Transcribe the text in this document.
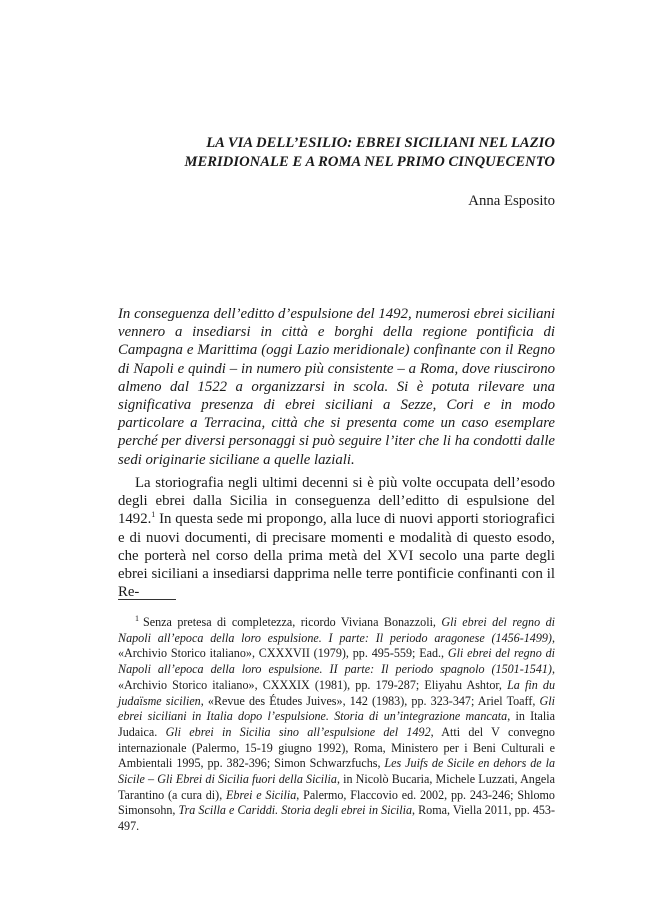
LA VIA DELL’ESILIO: EBREI SICILIANI NEL LAZIO
MERIDIONALE E A ROMA NEL PRIMO CINQUECENTO
Anna Esposito

In conseguenza dell’editto d’espulsione del 1492, numerosi ebrei siciliani vennero a insediarsi in città e borghi della regione pontificia di Campagna e Marittima (oggi Lazio meridionale) confinante con il Regno di Napoli e quindi – in numero più consistente – a Roma, dove riuscirono almeno dal 1522 a organizzarsi in scola. Si è potuta rilevare una significativa presenza di ebrei siciliani a Sezze, Cori e in modo particolare a Terracina, città che si presenta come un caso esemplare perché per diversi personaggi si può seguire l’iter che li ha condotti dalle sedi originarie siciliane a quelle laziali.

La storiografia negli ultimi decenni si è più volte occupata dell’esodo degli ebrei dalla Sicilia in conseguenza dell’editto di espulsione del 1492.$^1$ In questa sede mi propongo, alla luce di nuovi apporti storiografici e di nuovi documenti, di precisare momenti e modalità di questo esodo, che porterà nel corso della prima metà del XVI secolo una parte degli ebrei siciliani a insediarsi dapprima nelle terre pontificie confinanti con il Re-

$^1$ Senza pretesa di completezza, ricordo Viviana Bonazzoli, Gli ebrei del regno di Napoli all’epoca della loro espulsione. I parte: Il periodo aragonese (1456-1499), «Archivio Storico italiano», CXXXVII (1979), pp. 495-559; Ead., Gli ebrei del regno di Napoli all’epoca della loro espulsione. II parte: Il periodo spagnolo (1501-1541), «Archivio Storico italiano», CXXXIX (1981), pp. 179-287; Eliyahu Ashtor, La fin du judaïsme sicilien, «Revue des Études Juives», 142 (1983), pp. 323-347; Ariel Toaff, Gli ebrei siciliani in Italia dopo l’espulsione. Storia di un’integrazione mancata, in Italia Judaica. Gli ebrei in Sicilia sino all’espulsione del 1492, Atti del V convegno internazionale (Palermo, 15-19 giugno 1992), Roma, Ministero per i Beni Culturali e Ambientali 1995, pp. 382-396; Simon Schwarzfuchs, Les Juifs de Sicile en dehors de la Sicile – Gli Ebrei di Sicilia fuori della Sicilia, in Nicolò Bucaria, Michele Luzzati, Angela Tarantino (a cura di), Ebrei e Sicilia, Palermo, Flaccovio ed. 2002, pp. 243-246; Shlomo Simonsohn, Tra Scilla e Cariddi. Storia degli ebrei in Sicilia, Roma, Viella 2011, pp. 453-497.
